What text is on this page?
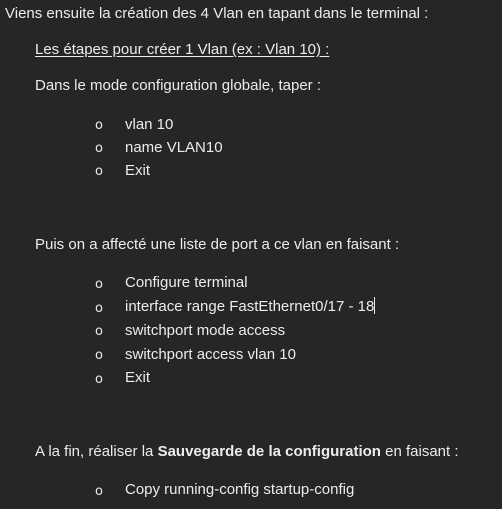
Viens ensuite la création des 4 Vlan en tapant dans le terminal :
Les étapes pour créer 1 Vlan (ex : Vlan 10) :
Dans le mode configuration globale, taper :
o vlan 10
o name VLAN10
o Exit
Puis on a affecté une liste de port a ce vlan en faisant :
o Configure terminal
o interface range FastEthernet0/17 - 18
o switchport mode access
o switchport access vlan 10
o Exit
A la fin, réaliser la Sauvegarde de la configuration en faisant :
o Copy running-config startup-config
